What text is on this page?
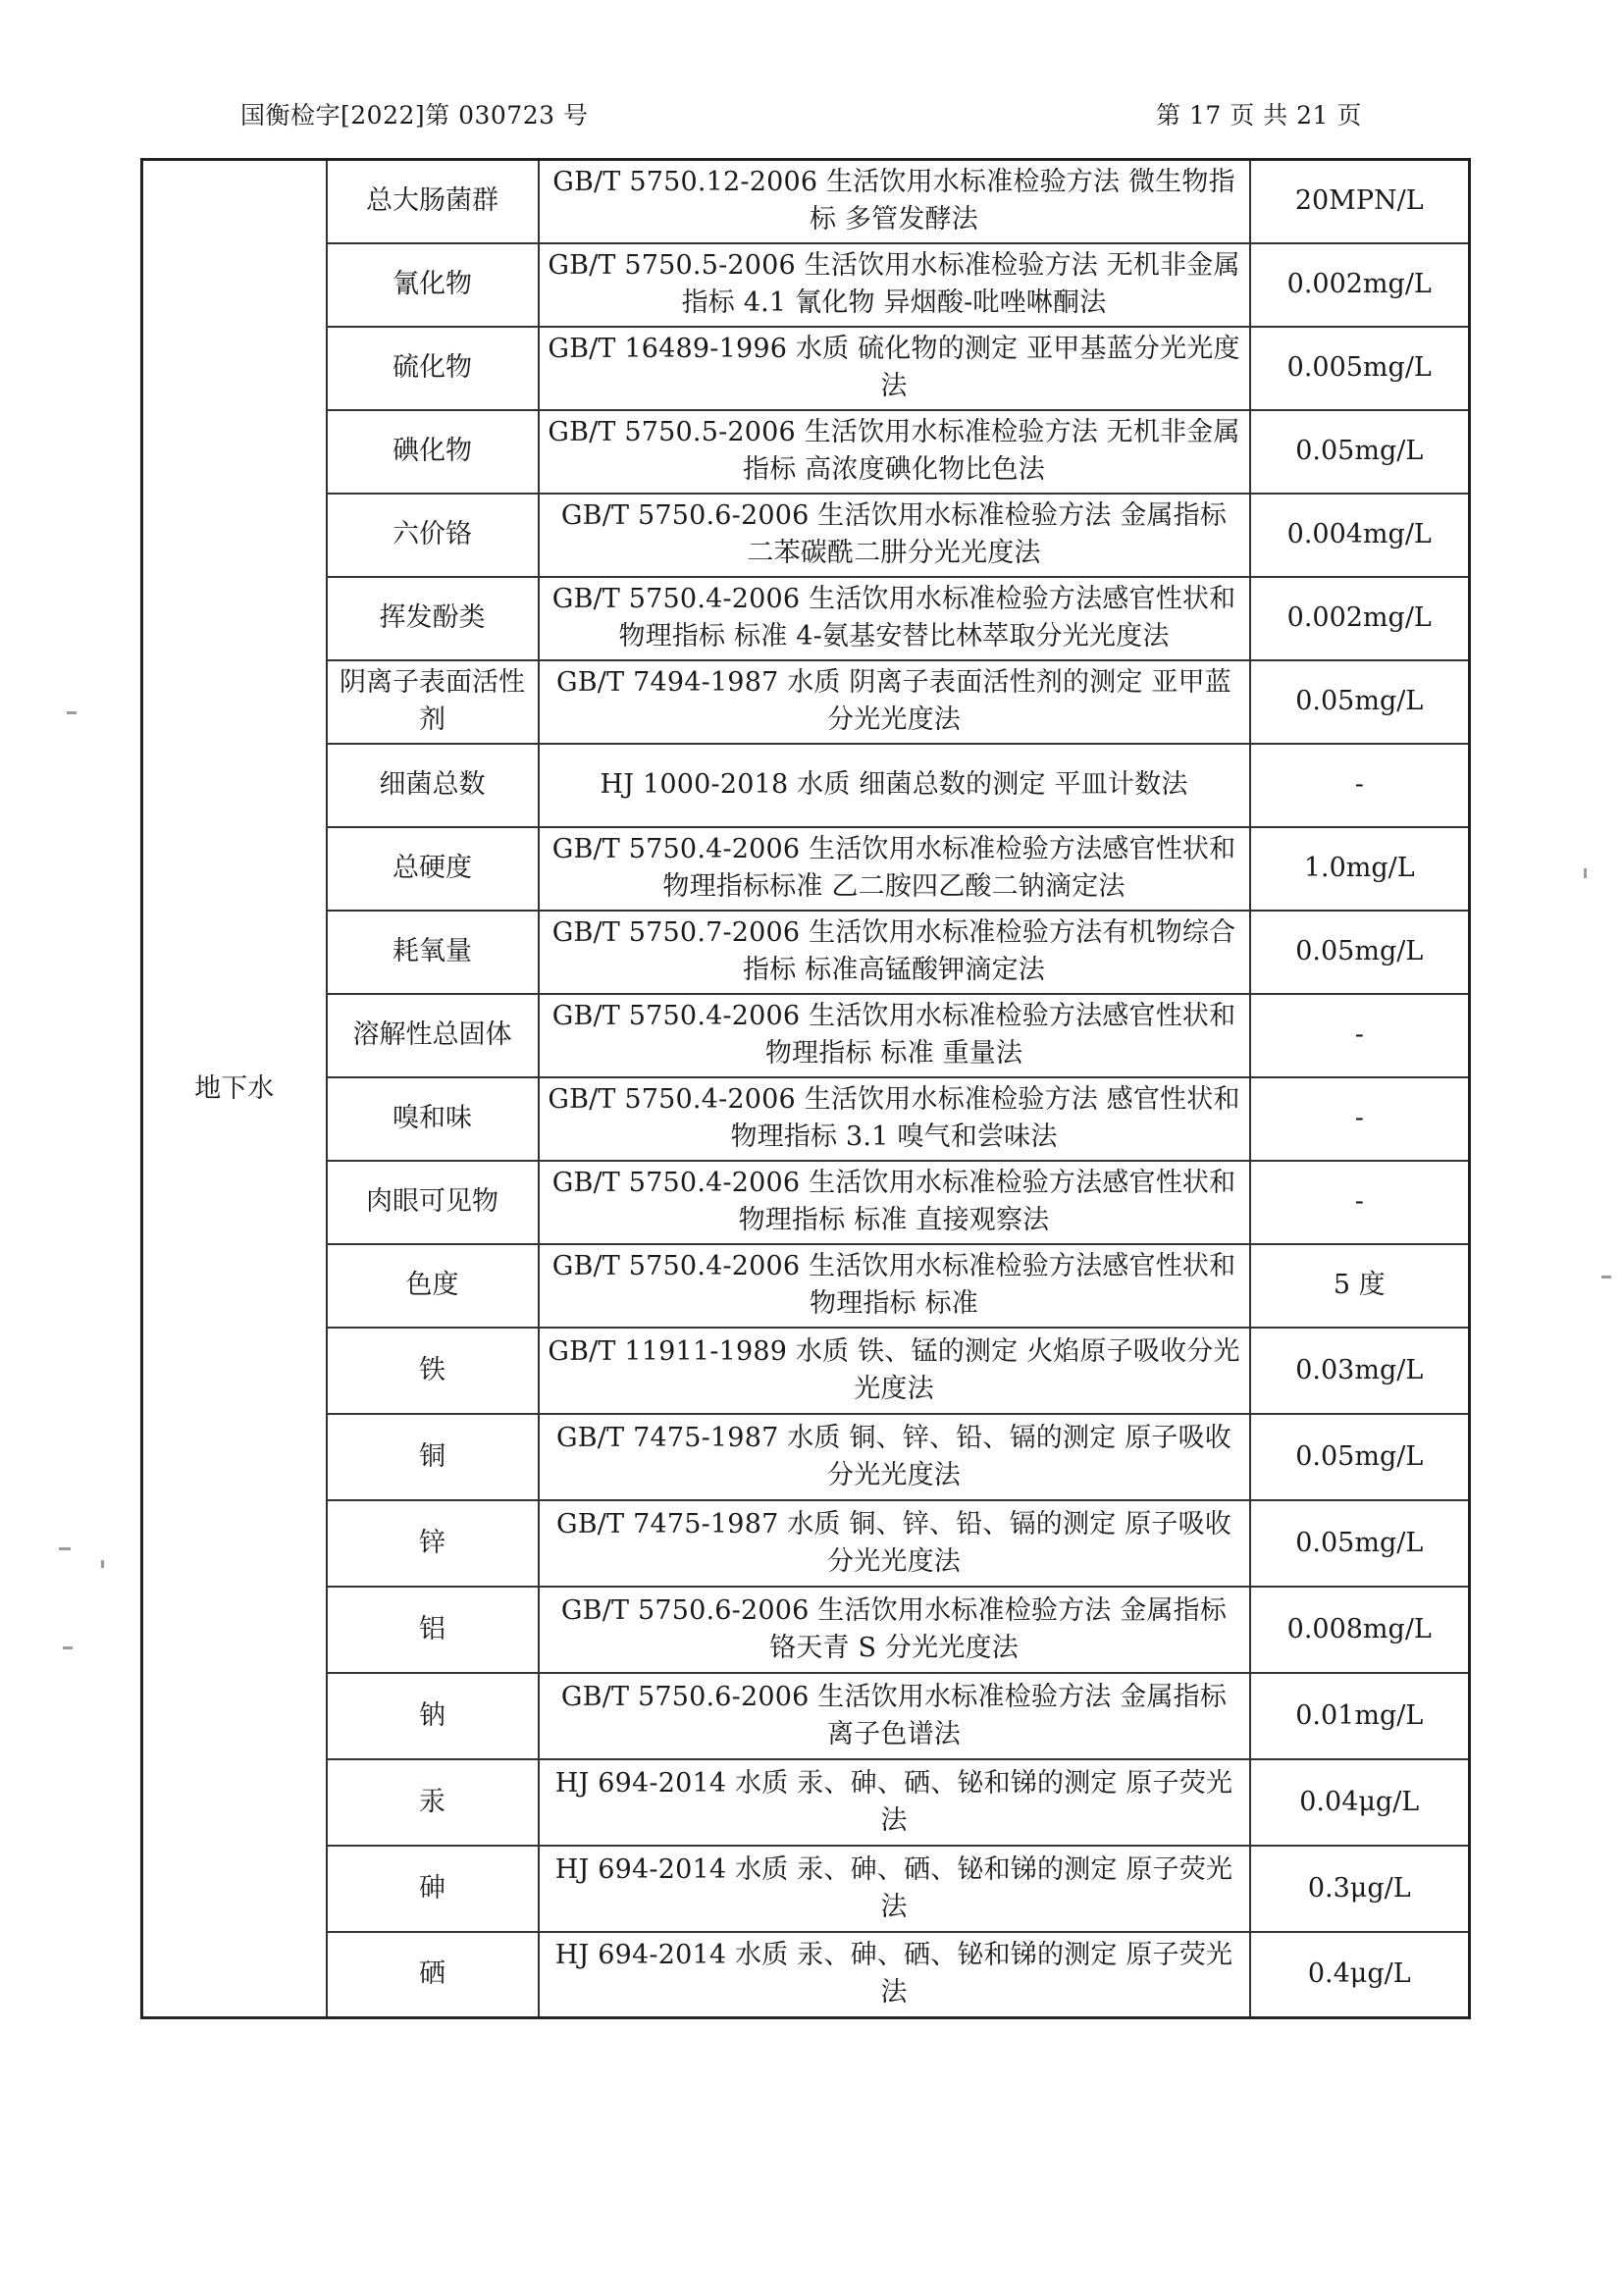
国衡检字[2022]第 030723 号	第 17 页 共 21 页
地下水	总大肠菌群	GB/T 5750.12-2006 生活饮用水标准检验方法 微生物指标 多管发酵法	20MPN/L
	氰化物	GB/T 5750.5-2006 生活饮用水标准检验方法 无机非金属指标 4.1 氰化物 异烟酸-吡唑啉酮法	0.002mg/L
	硫化物	GB/T 16489-1996 水质 硫化物的测定 亚甲基蓝分光光度法	0.005mg/L
	碘化物	GB/T 5750.5-2006 生活饮用水标准检验方法 无机非金属指标 高浓度碘化物比色法	0.05mg/L
	六价铬	GB/T 5750.6-2006 生活饮用水标准检验方法 金属指标 二苯碳酰二肼分光光度法	0.004mg/L
	挥发酚类	GB/T 5750.4-2006 生活饮用水标准检验方法感官性状和物理指标 标准 4-氨基安替比林萃取分光光度法	0.002mg/L
	阴离子表面活性剂	GB/T 7494-1987 水质 阴离子表面活性剂的测定 亚甲蓝分光光度法	0.05mg/L
	细菌总数	HJ 1000-2018 水质 细菌总数的测定 平皿计数法	-
	总硬度	GB/T 5750.4-2006 生活饮用水标准检验方法感官性状和物理指标标准 乙二胺四乙酸二钠滴定法	1.0mg/L
	耗氧量	GB/T 5750.7-2006 生活饮用水标准检验方法有机物综合指标 标准高锰酸钾滴定法	0.05mg/L
	溶解性总固体	GB/T 5750.4-2006 生活饮用水标准检验方法感官性状和物理指标 标准 重量法	-
	嗅和味	GB/T 5750.4-2006 生活饮用水标准检验方法 感官性状和物理指标 3.1 嗅气和尝味法	-
	肉眼可见物	GB/T 5750.4-2006 生活饮用水标准检验方法感官性状和物理指标 标准 直接观察法	-
	色度	GB/T 5750.4-2006 生活饮用水标准检验方法感官性状和物理指标 标准	5 度
	铁	GB/T 11911-1989 水质 铁、锰的测定 火焰原子吸收分光光度法	0.03mg/L
	铜	GB/T 7475-1987 水质 铜、锌、铅、镉的测定 原子吸收分光光度法	0.05mg/L
	锌	GB/T 7475-1987 水质 铜、锌、铅、镉的测定 原子吸收分光光度法	0.05mg/L
	铝	GB/T 5750.6-2006 生活饮用水标准检验方法 金属指标 铬天青 S 分光光度法	0.008mg/L
	钠	GB/T 5750.6-2006 生活饮用水标准检验方法 金属指标 离子色谱法	0.01mg/L
	汞	HJ 694-2014 水质 汞、砷、硒、铋和锑的测定 原子荧光法	0.04μg/L
	砷	HJ 694-2014 水质 汞、砷、硒、铋和锑的测定 原子荧光法	0.3μg/L
	硒	HJ 694-2014 水质 汞、砷、硒、铋和锑的测定 原子荧光法	0.4μg/L
